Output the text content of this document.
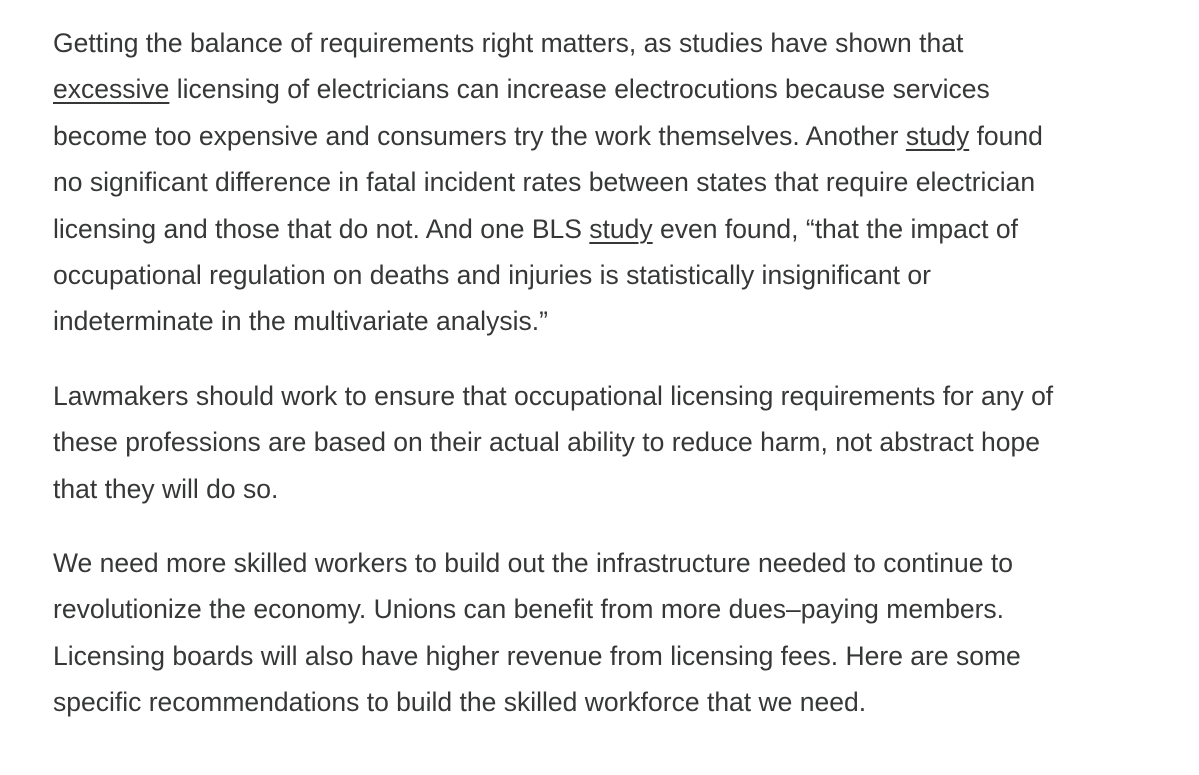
Getting the balance of requirements right matters, as studies have shown that
excessive licensing of electricians can increase electrocutions because services
become too expensive and consumers try the work themselves. Another study found
no significant difference in fatal incident rates between states that require electrician
licensing and those that do not. And one BLS study even found, “that the impact of
occupational regulation on deaths and injuries is statistically insignificant or
indeterminate in the multivariate analysis.”

Lawmakers should work to ensure that occupational licensing requirements for any of
these professions are based on their actual ability to reduce harm, not abstract hope
that they will do so.

We need more skilled workers to build out the infrastructure needed to continue to
revolutionize the economy. Unions can benefit from more dues–paying members.
Licensing boards will also have higher revenue from licensing fees. Here are some
specific recommendations to build the skilled workforce that we need.
